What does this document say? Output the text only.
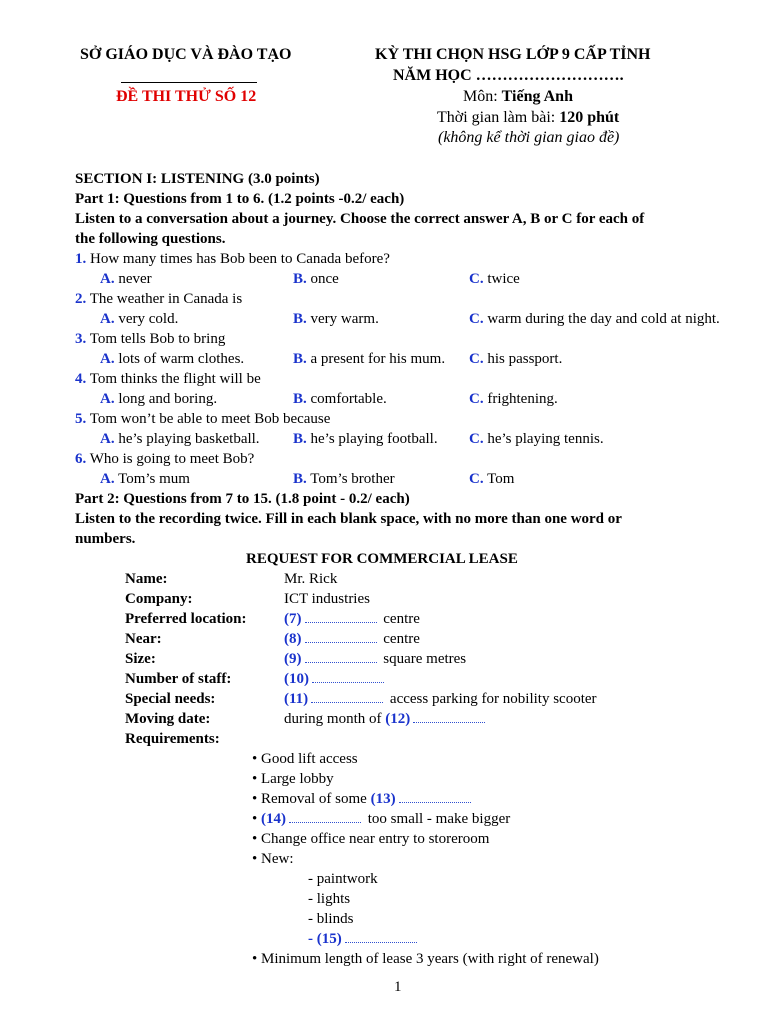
SỞ GIÁO DỤC VÀ ĐÀO TẠO
ĐỀ THI THỬ SỐ 12
KỲ THI CHỌN HSG LỚP 9 CẤP TỈNH
NĂM HỌC ……………………….
Môn: Tiếng Anh
Thời gian làm bài: 120 phút
(không kể thời gian giao đề)
SECTION I: LISTENING (3.0 points)
Part 1: Questions from 1 to 6. (1.2 points -0.2/ each)
Listen to a conversation about a journey. Choose the correct answer A, B or C for each of
the following questions.
1. How many times has Bob been to Canada before?
A. never	B. once	C. twice
2. The weather in Canada is
A. very cold.	B. very warm.	C. warm during the day and cold at night.
3. Tom tells Bob to bring
A. lots of warm clothes.	B. a present for his mum. C. his passport.
4. Tom thinks the flight will be
A. long and boring.	B. comfortable.	C. frightening.
5. Tom won’t be able to meet Bob because
A. he’s playing basketball. B. he’s playing football. C. he’s playing tennis.
6. Who is going to meet Bob?
A. Tom’s mum	B. Tom’s brother	C. Tom
Part 2: Questions from 7 to 15. (1.8 point - 0.2/ each)
Listen to the recording twice. Fill in each blank space, with no more than one word or
numbers.
REQUEST FOR COMMERCIAL LEASE
Name:	Mr. Rick
Company:	ICT industries
Preferred location:	(7)	centre
Near:	(8)	centre
Size:	(9)	square metres
Number of staff:	(10)
Special needs:	(11)	access parking for nobility scooter
Moving date:	during month of (12)
Requirements:
• Good lift access
• Large lobby
• Removal of some (13)
• (14)	too small - make bigger
• Change office near entry to storeroom
• New:
- paintwork
- lights
- blinds
- (15)
• Minimum length of lease 3 years (with right of renewal)
1
